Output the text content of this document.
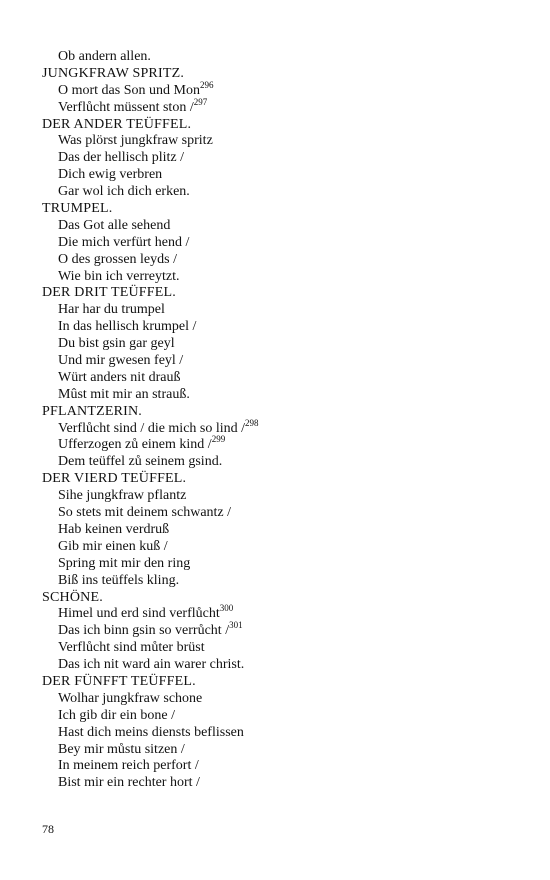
Ob andern allen.
JUNGKFRAW SPRITZ.
O mort das Son und Mon$^{296}$
Verflůcht müssent ston /$^{297}$
DER ANDER TEÜFFEL.
Was plörst jungkfraw spritz
Das der hellisch plitz /
Dich ewig verbren
Gar wol ich dich erken.
TRUMPEL.
Das Got alle sehend
Die mich verfürt hend /
O des grossen leyds /
Wie bin ich verreytzt.
DER DRIT TEÜFFEL.
Har har du trumpel
In das hellisch krumpel /
Du bist gsin gar geyl
Und mir gwesen feyl /
Würt anders nit drauß
Mûst mit mir an strauß.
PFLANTZERIN.
Verflůcht sind / die mich so lind /$^{298}$
Ufferzogen zů einem kind /$^{299}$
Dem teüffel zů seinem gsind.
DER VIERD TEÜFFEL.
Sihe jungkfraw pflantz
So stets mit deinem schwantz /
Hab keinen verdruß
Gib mir einen kuß /
Spring mit mir den ring
Biß ins teüffels kling.
SCHÖNE.
Himel und erd sind verflůcht$^{300}$
Das ich binn gsin so verrůcht /$^{301}$
Verflůcht sind můter brüst
Das ich nit ward ain warer christ.
DER FÜNFFT TEÜFFEL.
Wolhar jungkfraw schone
Ich gib dir ein bone /
Hast dich meins diensts beflissen
Bey mir můstu sitzen /
In meinem reich perfort /
Bist mir ein rechter hort /
78
